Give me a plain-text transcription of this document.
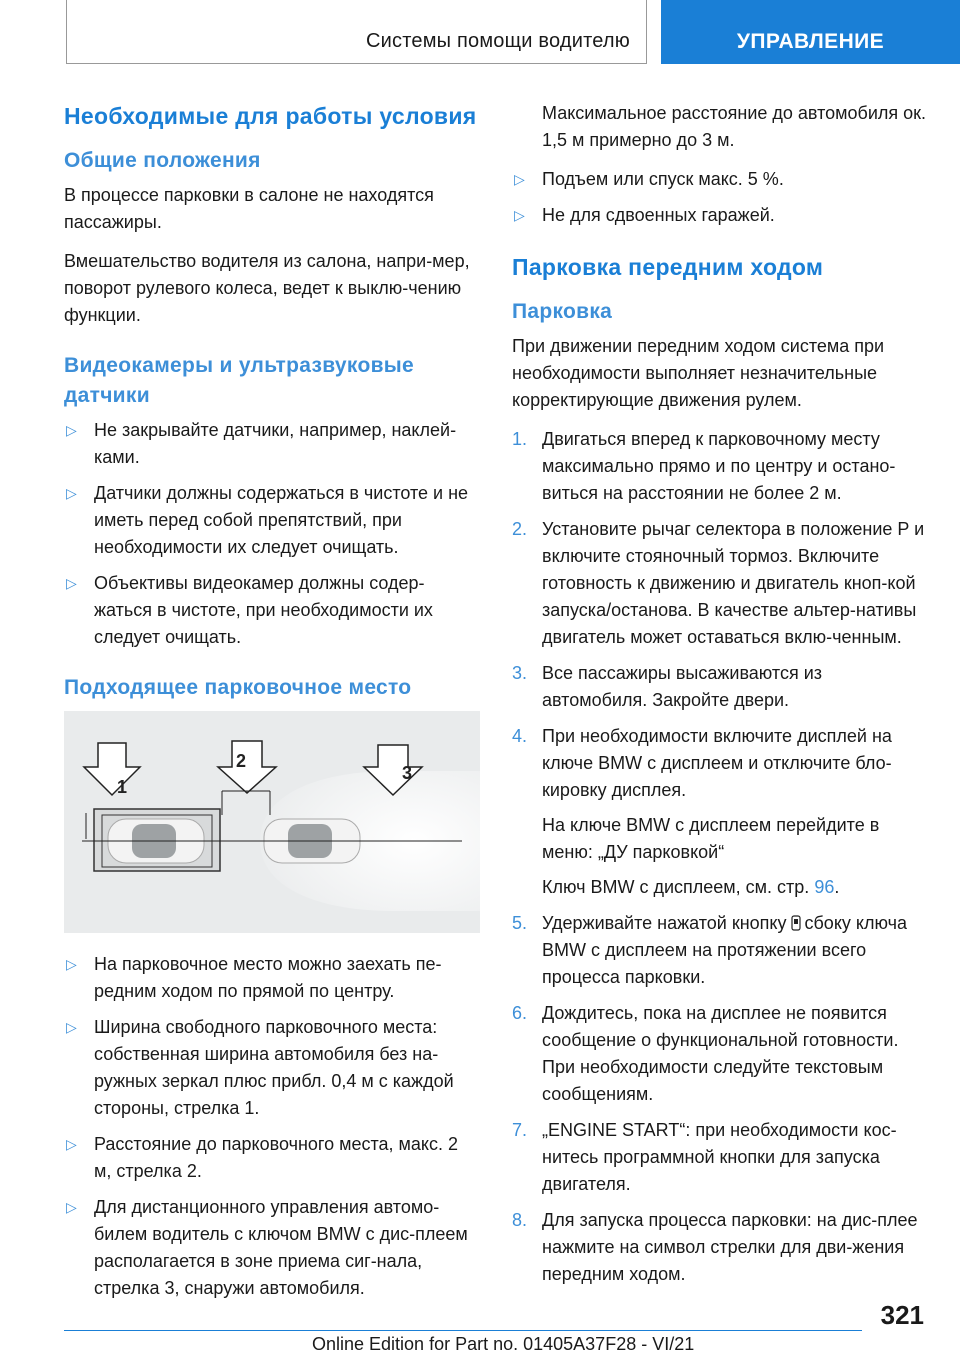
Системы помощи водителю	УПРАВЛЕНИЕ
Необходимые для работы условия
Общие положения

В процессе парковки в салоне не находятся пассажиры.

Вмешательство водителя из салона, напри-мер, поворот рулевого колеса, ведет к выклю-чению функции.

Видеокамеры и ультразвуковые датчики
▷ Не закрывайте датчики, например, наклей-ками.
▷ Датчики должны содержаться в чистоте и не иметь перед собой препятствий, при необходимости их следует очищать.
▷ Объективы видеокамер должны содер-жаться в чистоте, при необходимости их следует очищать.
Подходящее парковочное место
1
2
3
▷ На парковочное место можно заехать пе-редним ходом по прямой по центру.
▷ Ширина свободного парковочного места: собственная ширина автомобиля без на-ружных зеркал плюс прибл. 0,4 м с каждой стороны, стрелка 1.
▷ Расстояние до парковочного места, макс. 2 м, стрелка 2.
▷ Для дистанционного управления автомо-билем водитель с ключом BMW с дис-плеем располагается в зоне приема сиг-нала, стрелка 3, снаружи автомобиля.

Максимальное расстояние до автомобиля ок. 1,5 м примерно до 3 м.

▷ Подъем или спуск макс. 5 %.
▷ Не для сдвоенных гаражей.
Парковка передним ходом
Парковка

При движении передним ходом система при необходимости выполняет незначительные корректирующие движения рулем.

1. Двигаться вперед к парковочному месту максимально прямо и по центру и остано-виться на расстоянии не более 2 м.
2. Установите рычаг селектора в положение P и включите стояночный тормоз. Включите готовность к движению и двигатель кноп-кой запуска/останова. В качестве альтер-нативы двигатель может оставаться вклю-ченным.
3. Все пассажиры высаживаются из автомобиля. Закройте двери.
4. При необходимости включите дисплей на ключе BMW с дисплеем и отключите бло-кировку дисплея.

На ключе BMW с дисплеем перейдите в меню: „ДУ парковкой“

Ключ BMW с дисплеем, см. стр. 96.

5. Удерживайте нажатой кнопку сбоку ключа BMW с дисплеем на протяжении всего процесса парковки.
6. Дождитесь, пока на дисплее не появится сообщение о функциональной готовности. При необходимости следуйте текстовым сообщениям.
7. „ENGINE START“: при необходимости кос-нитесь программной кнопки для запуска двигателя.
8. Для запуска процесса парковки: на дис-плее нажмите на символ стрелки для дви-жения передним ходом.
321
Online Edition for Part no. 01405A37F28 - VI/21
